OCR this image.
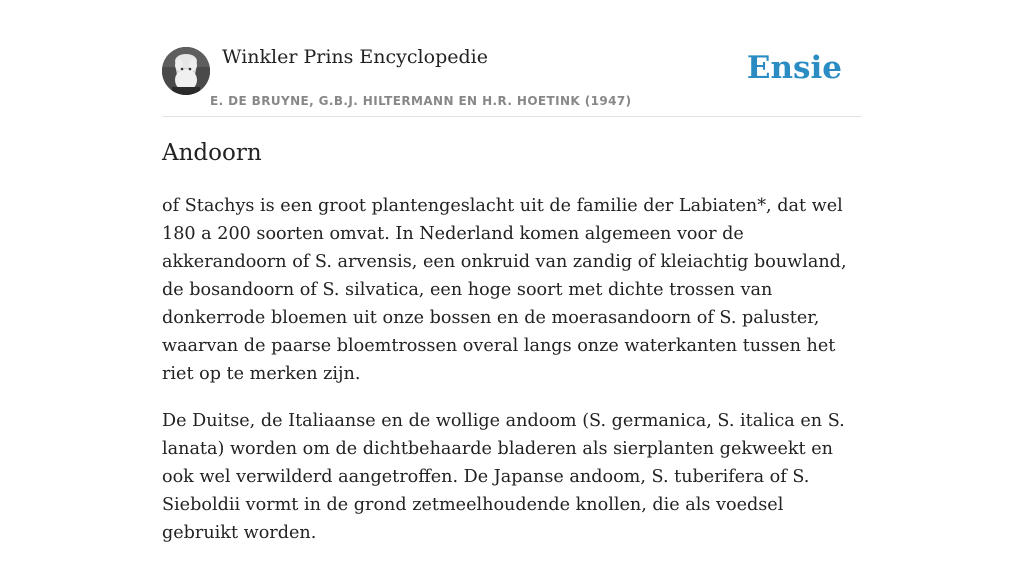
Winkler Prins Encyclopedie
E. DE BRUYNE, G.B.J. HILTERMANN EN H.R. HOETINK (1947)
Ensie
Andoorn

of Stachys is een groot plantengeslacht uit de familie der Labiaten*, dat wel 180 a 200 soorten omvat. In Nederland komen algemeen voor de akkerandoorn of S. arvensis, een onkruid van zandig of kleiachtig bouwland, de bosandoorn of S. silvatica, een hoge soort met dichte trossen van donkerrode bloemen uit onze bossen en de moerasandoorn of S. paluster, waarvan de paarse bloemtrossen overal langs onze waterkanten tussen het riet op te merken zijn.

De Duitse, de Italiaanse en de wollige andoom (S. germanica, S. italica en S. lanata) worden om de dichtbehaarde bladeren als sierplanten gekweekt en ook wel verwilderd aangetroffen. De Japanse andoom, S. tuberifera of S. Sieboldii vormt in de grond zetmeelhoudende knollen, die als voedsel gebruikt worden.
